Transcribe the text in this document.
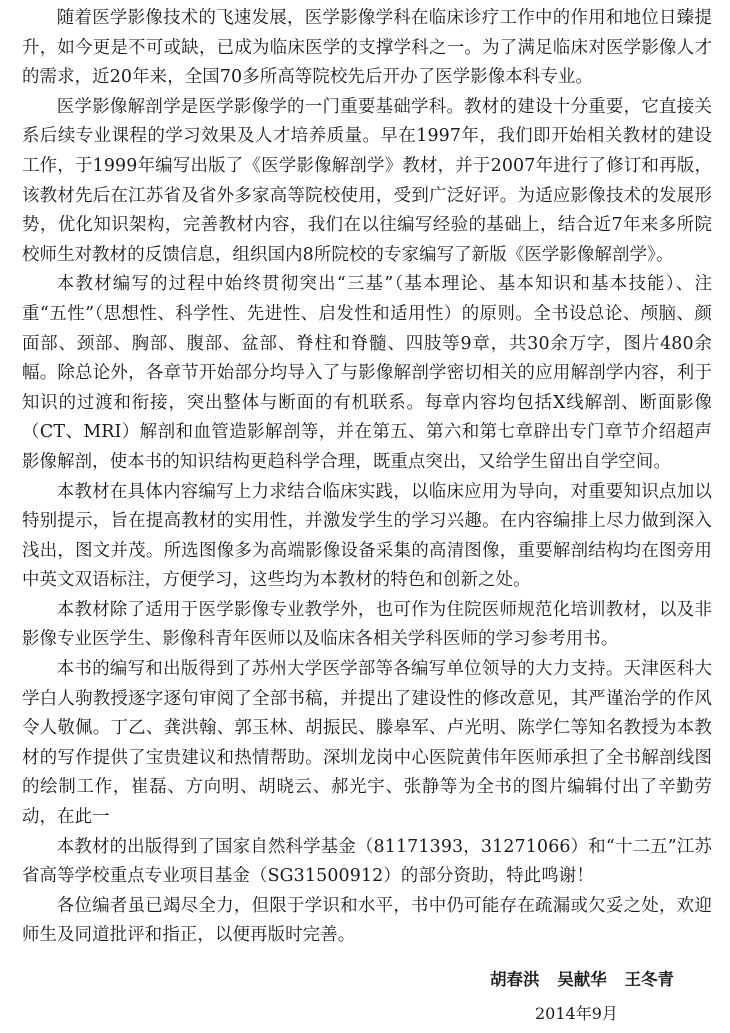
随着医学影像技术的飞速发展，医学影像学科在临床诊疗工作中的作用和地位日臻提升，如今更是不可或缺，已成为临床医学的支撑学科之一。为了满足临床对医学影像人才的需求，近20年来，全国70多所高等院校先后开办了医学影像本科专业。

医学影像解剖学是医学影像学的一门重要基础学科。教材的建设十分重要，它直接关系后续专业课程的学习效果及人才培养质量。早在1997年，我们即开始相关教材的建设工作，于1999年编写出版了《医学影像解剖学》教材，并于2007年进行了修订和再版，该教材先后在江苏省及省外多家高等院校使用，受到广泛好评。为适应影像技术的发展形势，优化知识架构，完善教材内容，我们在以往编写经验的基础上，结合近7年来多所院校师生对教材的反馈信息，组织国内8所院校的专家编写了新版《医学影像解剖学》。

本教材编写的过程中始终贯彻突出“三基”（基本理论、基本知识和基本技能）、注重“五性”（思想性、科学性、先进性、启发性和适用性）的原则。全书设总论、颅脑、颜面部、颈部、胸部、腹部、盆部、脊柱和脊髓、四肢等9章，共30余万字，图片480余幅。除总论外，各章节开始部分均导入了与影像解剖学密切相关的应用解剖学内容，利于知识的过渡和衔接，突出整体与断面的有机联系。每章内容均包括X线解剖、断面影像（CT、MRI）解剖和血管造影解剖等，并在第五、第六和第七章辟出专门章节介绍超声影像解剖，使本书的知识结构更趋科学合理，既重点突出，又给学生留出自学空间。

本教材在具体内容编写上力求结合临床实践，以临床应用为导向，对重要知识点加以特别提示，旨在提高教材的实用性，并激发学生的学习兴趣。在内容编排上尽力做到深入浅出，图文并茂。所选图像多为高端影像设备采集的高清图像，重要解剖结构均在图旁用中英文双语标注，方便学习，这些均为本教材的特色和创新之处。

本教材除了适用于医学影像专业教学外，也可作为住院医师规范化培训教材，以及非影像专业医学生、影像科青年医师以及临床各相关学科医师的学习参考用书。

本书的编写和出版得到了苏州大学医学部等各编写单位领导的大力支持。天津医科大学白人驹教授逐字逐句审阅了全部书稿，并提出了建设性的修改意见，其严谨治学的作风令人敬佩。丁乙、龚洪翰、郭玉林、胡振民、滕皋军、卢光明、陈学仁等知名教授为本教材的写作提供了宝贵建议和热情帮助。深圳龙岗中心医院黄伟年医师承担了全书解剖线图的绘制工作，崔磊、方向明、胡晓云、郝光宇、张静等为全书的图片编辑付出了辛勤劳动，在此一

本教材的出版得到了国家自然科学基金（81171393，31271066）和“十二五”江苏省高等学校重点专业项目基金（SG31500912）的部分资助，特此鸣谢！

各位编者虽已竭尽全力，但限于学识和水平，书中仍可能存在疏漏或欠妥之处，欢迎师生及同道批评和指正，以便再版时完善。

胡春洪 吴献华 王冬青
2014年9月
